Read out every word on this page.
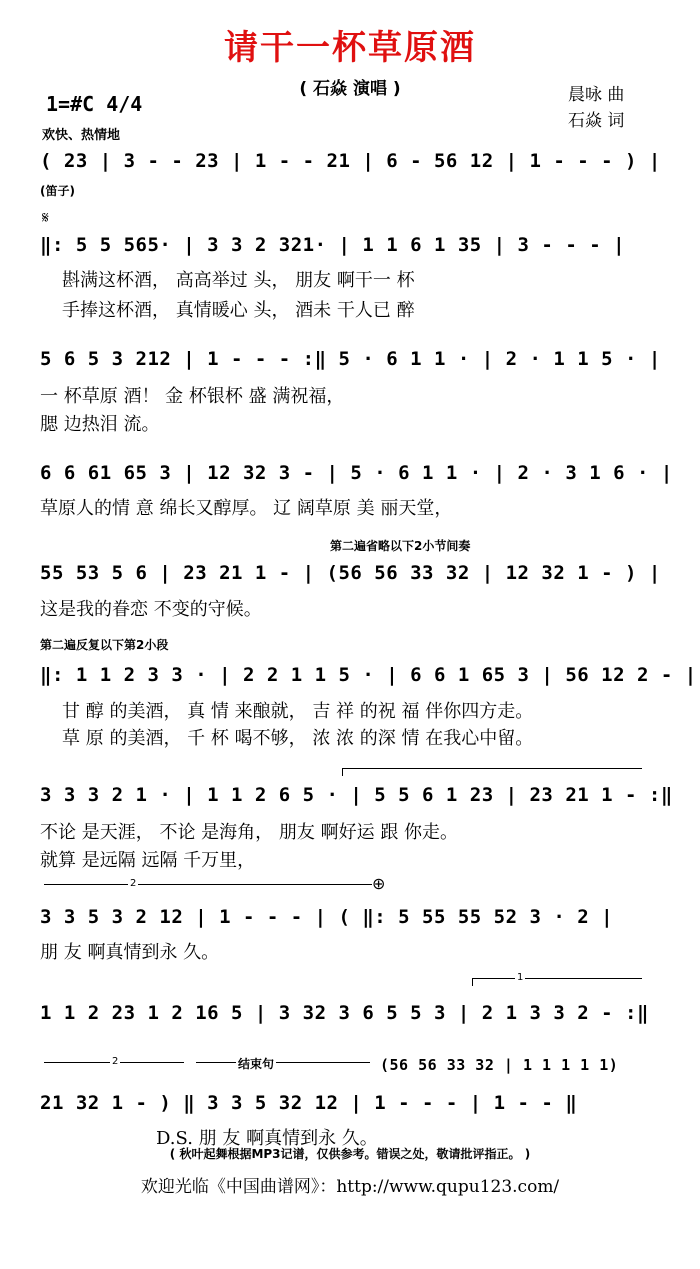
请干一杯草原酒
( 石焱 演唱 )	晨咏 曲
石焱 词
1=#C 4/4
欢快、热情地
( 23 | 3 - - 23 | 1 - - 21 | 6 - 56 12 | 1 - - - ) |
(笛子)
𝄋
‖: 5 5 565· | 3 3 2 321· | 1 1 6 1 35 | 3 - - - |
斟满这杯酒， 高高举过 头， 朋友 啊干一 杯
手捧这杯酒， 真情暖心 头， 酒未 干人已 醉
5 6 5 3 212 | 1 - - - :‖ 5 · 6 1 1 · | 2 · 1 1 5 · |
一 杯草原 酒！ 金 杯银杯 盛 满祝福，
腮 边热泪 流。
6 6 61 65 3 | 12 32 3 - | 5 · 6 1 1 · | 2 · 3 1 6 · |
草原人的情 意 绵长又醇厚。 辽 阔草原 美 丽天堂，
第二遍省略以下2小节间奏
55 53 5 6 | 23 21 1 - | (56 56 33 32 | 12 32 1 - ) |
这是我的眷恋 不变的守候。
第二遍反复以下第2小段
‖: 1 1 2 3 3 · | 2 2 1 1 5 · | 6 6 1 65 3 | 56 12 2 - |
甘 醇 的美酒， 真 情 来酿就， 吉 祥 的祝 福 伴你四方走。
草 原 的美酒， 千 杯 喝不够， 浓 浓 的深 情 在我心中留。
3 3 3 2 1 · | 1 1 2 6 5 · | 5 5 6 1 23 | 23 21 1 - :‖
不论 是天涯， 不论 是海角， 朋友 啊好运 跟 你走。
就算 是远隔 远隔 千万里，
2	⊕
3 3 5 3 2 12 | 1 - - - | ( ‖: 5 55 55 52 3 · 2 |
朋 友 啊真情到永 久。
1
1 1 2 23 1 2 16 5 | 3 32 3 6 5 5 3 | 2 1 3 3 2 - :‖
2	结束句	(56 56 33 32 | 1 1 1 1 1)
21 32 1 - ) ‖ 3 3 5 32 12 | 1 - - - | 1 - - ‖
D.S. 朋 友 啊真情到永 久。
( 秋叶起舞根据MP3记谱，仅供参考。错误之处，敬请批评指正。 )
欢迎光临《中国曲谱网》：http://www.qupu123.com/
